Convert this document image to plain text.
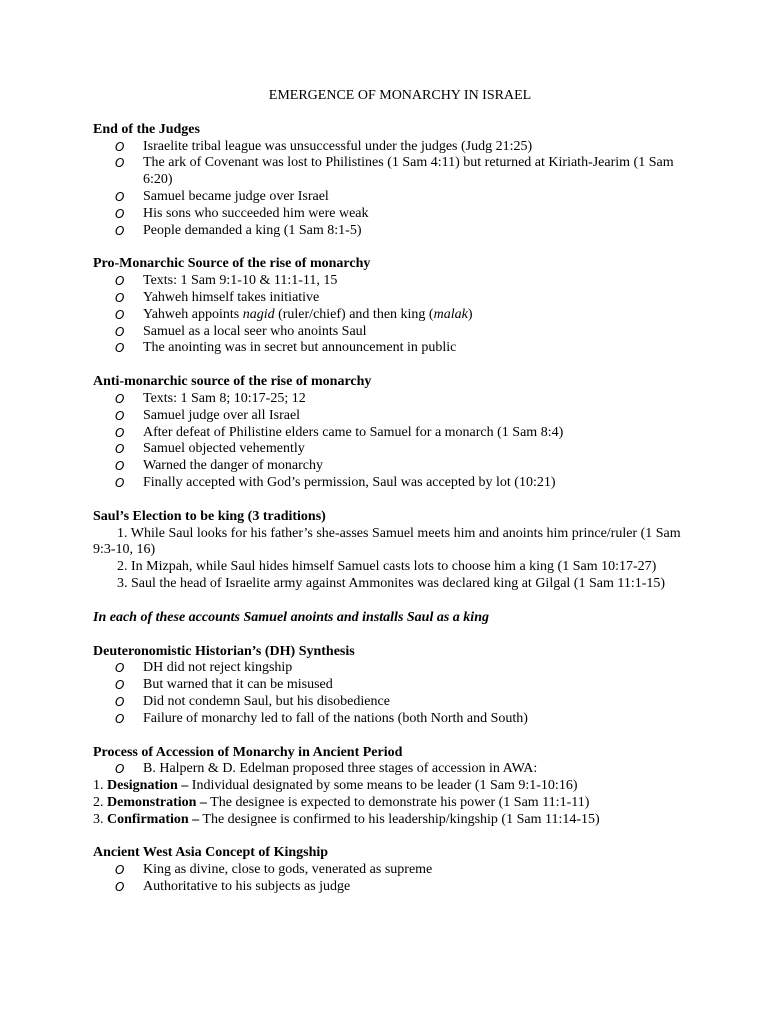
EMERGENCE OF MONARCHY IN ISRAEL
End of the Judges
O Israelite tribal league was unsuccessful under the judges (Judg 21:25)
O The ark of Covenant was lost to Philistines (1 Sam 4:11) but returned at Kiriath-Jearim (1 Sam 6:20)
O Samuel became judge over Israel
O His sons who succeeded him were weak
O People demanded a king (1 Sam 8:1-5)
Pro-Monarchic Source of the rise of monarchy
O Texts: 1 Sam 9:1-10 & 11:1-11, 15
O Yahweh himself takes initiative
O Yahweh appoints nagid (ruler/chief) and then king (malak)
O Samuel as a local seer who anoints Saul
O The anointing was in secret but announcement in public
Anti-monarchic source of the rise of monarchy
O Texts: 1 Sam 8; 10:17-25; 12
O Samuel judge over all Israel
O After defeat of Philistine elders came to Samuel for a monarch (1 Sam 8:4)
O Samuel objected vehemently
O Warned the danger of monarchy
O Finally accepted with God’s permission, Saul was accepted by lot (10:21)
Saul’s Election to be king (3 traditions)
1. While Saul looks for his father’s she-asses Samuel meets him and anoints him prince/ruler (1 Sam 9:3-10, 16)
2. In Mizpah, while Saul hides himself Samuel casts lots to choose him a king (1 Sam 10:17-27)
3. Saul the head of Israelite army against Ammonites was declared king at Gilgal (1 Sam 11:1-15)
In each of these accounts Samuel anoints and installs Saul as a king
Deuteronomistic Historian’s (DH) Synthesis
O DH did not reject kingship
O But warned that it can be misused
O Did not condemn Saul, but his disobedience
O Failure of monarchy led to fall of the nations (both North and South)
Process of Accession of Monarchy in Ancient Period
O B. Halpern & D. Edelman proposed three stages of accession in AWA:
1. Designation – Individual designated by some means to be leader (1 Sam 9:1-10:16)
2. Demonstration – The designee is expected to demonstrate his power (1 Sam 11:1-11)
3. Confirmation – The designee is confirmed to his leadership/kingship (1 Sam 11:14-15)
Ancient West Asia Concept of Kingship
O King as divine, close to gods, venerated as supreme
O Authoritative to his subjects as judge
